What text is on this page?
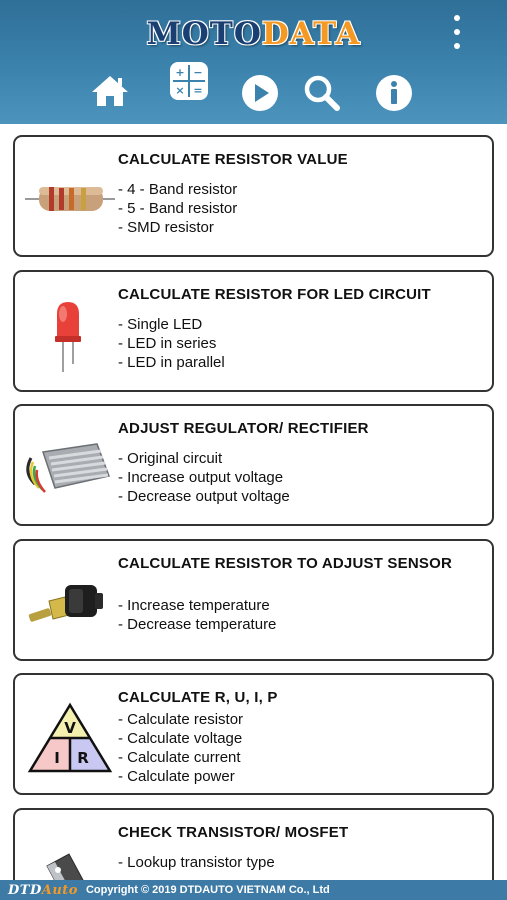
MOTODATA
+ −
× =
CALCULATE RESISTOR VALUE
- 4 - Band resistor
- 5 - Band resistor
- SMD resistor
CALCULATE RESISTOR FOR LED CIRCUIT
- Single LED
- LED in series
- LED in parallel
ADJUST REGULATOR/ RECTIFIER
- Original circuit
- Increase output voltage
- Decrease output voltage
CALCULATE RESISTOR TO ADJUST SENSOR
- Increase temperature
- Decrease temperature
V
I R
CALCULATE R, U, I, P
- Calculate resistor
- Calculate voltage
- Calculate current
- Calculate power
CHECK TRANSISTOR/ MOSFET
- Lookup transistor type
DTDAuto Copyright © 2019 DTDAUTO VIETNAM Co., Ltd
